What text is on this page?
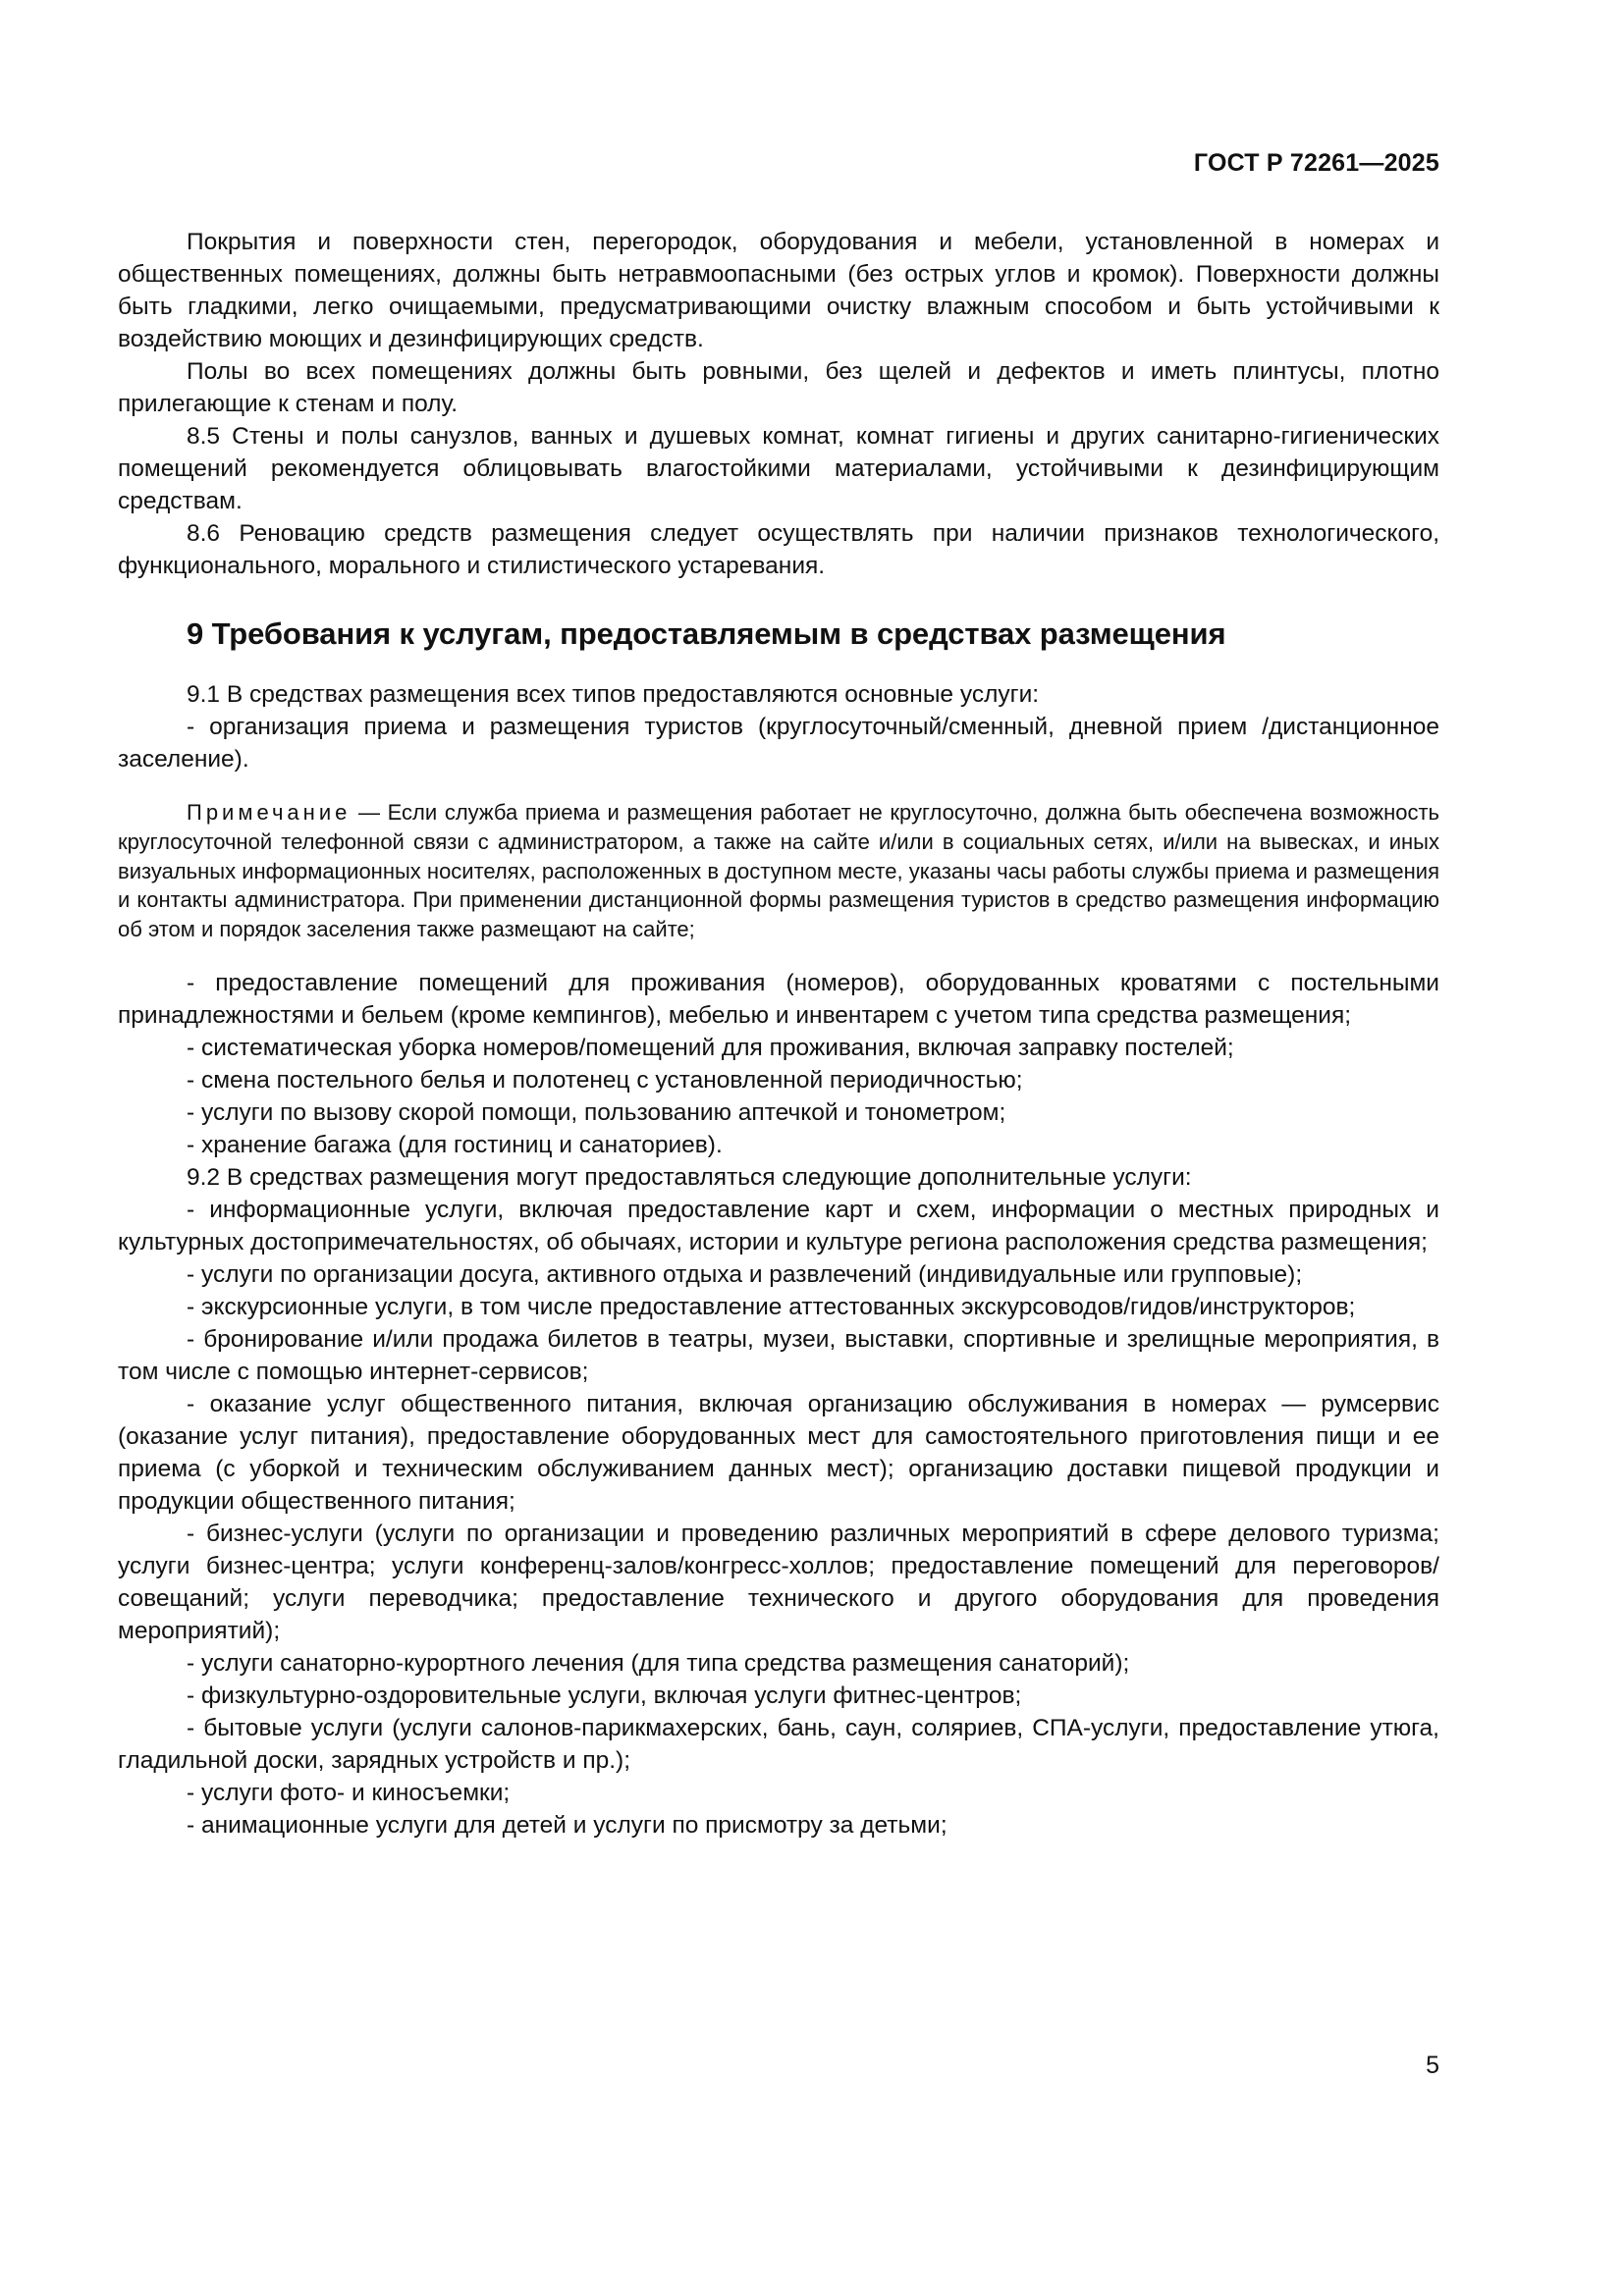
ГОСТ Р 72261—2025

Покрытия и поверхности стен, перегородок, оборудования и мебели, установленной в номерах и общественных помещениях, должны быть нетравмоопасными (без острых углов и кромок). Поверхности должны быть гладкими, легко очищаемыми, предусматривающими очистку влажным способом и быть устойчивыми к воздействию моющих и дезинфицирующих средств.

Полы во всех помещениях должны быть ровными, без щелей и дефектов и иметь плинтусы, плотно прилегающие к стенам и полу.

8.5 Стены и полы санузлов, ванных и душевых комнат, комнат гигиены и других санитарно-гигиенических помещений рекомендуется облицовывать влагостойкими материалами, устойчивыми к дезинфицирующим средствам.

8.6 Реновацию средств размещения следует осуществлять при наличии признаков технологического, функционального, морального и стилистического устаревания.

9 Требования к услугам, предоставляемым в средствах размещения

9.1 В средствах размещения всех типов предоставляются основные услуги:

- организация приема и размещения туристов (круглосуточный/сменный, дневной прием /дистанционное заселение).

Примечание — Если служба приема и размещения работает не круглосуточно, должна быть обеспечена возможность круглосуточной телефонной связи с администратором, а также на сайте и/или в социальных сетях, и/или на вывесках, и иных визуальных информационных носителях, расположенных в доступном месте, указаны часы работы службы приема и размещения и контакты администратора. При применении дистанционной формы размещения туристов в средство размещения информацию об этом и порядок заселения также размещают на сайте;

- предоставление помещений для проживания (номеров), оборудованных кроватями с постельными принадлежностями и бельем (кроме кемпингов), мебелью и инвентарем с учетом типа средства размещения;

- систематическая уборка номеров/помещений для проживания, включая заправку постелей;

- смена постельного белья и полотенец с установленной периодичностью;

- услуги по вызову скорой помощи, пользованию аптечкой и тонометром;

- хранение багажа (для гостиниц и санаториев).

9.2 В средствах размещения могут предоставляться следующие дополнительные услуги:

- информационные услуги, включая предоставление карт и схем, информации о местных природных и культурных достопримечательностях, об обычаях, истории и культуре региона расположения средства размещения;

- услуги по организации досуга, активного отдыха и развлечений (индивидуальные или групповые);

- экскурсионные услуги, в том числе предоставление аттестованных экскурсоводов/гидов/инструкторов;

- бронирование и/или продажа билетов в театры, музеи, выставки, спортивные и зрелищные мероприятия, в том числе с помощью интернет-сервисов;

- оказание услуг общественного питания, включая организацию обслуживания в номерах — румсервис (оказание услуг питания), предоставление оборудованных мест для самостоятельного приготовления пищи и ее приема (с уборкой и техническим обслуживанием данных мест); организацию доставки пищевой продукции и продукции общественного питания;

- бизнес-услуги (услуги по организации и проведению различных мероприятий в сфере делового туризма; услуги бизнес-центра; услуги конференц-залов/конгресс-холлов; предоставление помещений для переговоров/совещаний; услуги переводчика; предоставление технического и другого оборудования для проведения мероприятий);

- услуги санаторно-курортного лечения (для типа средства размещения санаторий);

- физкультурно-оздоровительные услуги, включая услуги фитнес-центров;

- бытовые услуги (услуги салонов-парикмахерских, бань, саун, соляриев, СПА-услуги, предоставление утюга, гладильной доски, зарядных устройств и пр.);

- услуги фото- и киносъемки;

- анимационные услуги для детей и услуги по присмотру за детьми;

5
